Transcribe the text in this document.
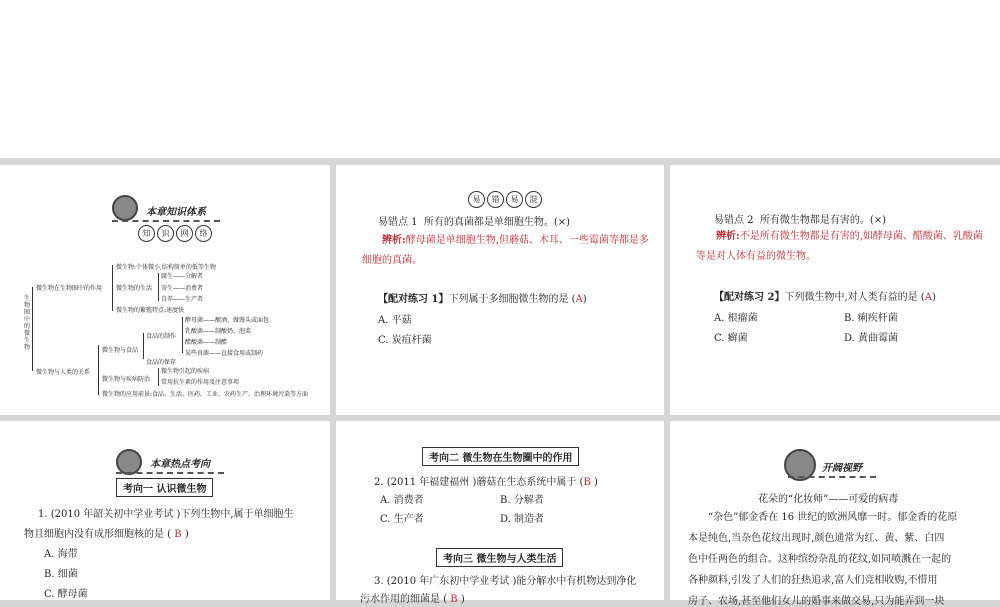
本章知识体系
知 识 网 络
生物圈中的微生物
微生物在生物圈中的作用
微生物:个体微小,结构简单的低等生物
微生物的生活
腐生——分解者
寄生——消费者
自养——生产者
微生物的繁殖特点:速度快
微生物与人类的关系
微生物与食品
食品的制作
酵母菌——酿酒、做馒头或面包
乳酸菌——制酸奶、泡菜
醋酸菌——制醋
某些真菌——直接食用或制药
食品的保存
微生物与疾病防治
微生物引起的疾病
常用抗生素的作用及注意事项
微生物的应用前景:食品、生活、医药、工业、农药生产、治理环境污染等方面
易 错 易 混
易错点 1 所有的真菌都是单细胞生物。(×)
辨析:酵母菌是单细胞生物,但蘑菇、木耳、一些霉菌等都是多细胞的真菌。
【配对练习 1】下列属于多细胞微生物的是 (A)
A. 平菇
C. 炭疽杆菌
易错点 2 所有微生物都是有害的。(×)
辨析:不是所有微生物都是有害的,如酵母菌、醋酸菌、乳酸菌等是对人体有益的微生物。
【配对练习 2】下列微生物中,对人类有益的是 (A)
A. 根瘤菌	B. 痢疾杆菌
C. 癣菌	D. 黄曲霉菌
本章热点考向
考向一 认识微生物
1. (2010 年韶关初中学业考试 )下列生物中,属于单细胞生
物且细胞内没有成形细胞核的是 ( B )
A. 海带
B. 细菌
C. 酵母菌
考向二 微生物在生物圈中的作用
2. (2011 年福建福州 )蘑菇在生态系统中属于 (B )
A. 消费者	B. 分解者
C. 生产者	D. 制造者
考向三 微生物与人类生活
3. (2010 年广东初中学业考试 )能分解水中有机物达到净化
污水作用的细菌是 ( B )
开阔视野
花朵的“化妆师”——可爱的病毒
“杂色”郁金香在 16 世纪的欧洲风靡一时。郁金香的花原
本是纯色,当杂色花纹出现时,颜色通常为红、黄、紫、白四
色中任两色的组合。这种缤纷杂乱的花纹,如同喷溅在一起的
各种颜料,引发了人们的狂热追求,富人们竞相收购,不惜用
房子、农场,甚至他们女儿的婚事来做交易,只为能弄到一块
